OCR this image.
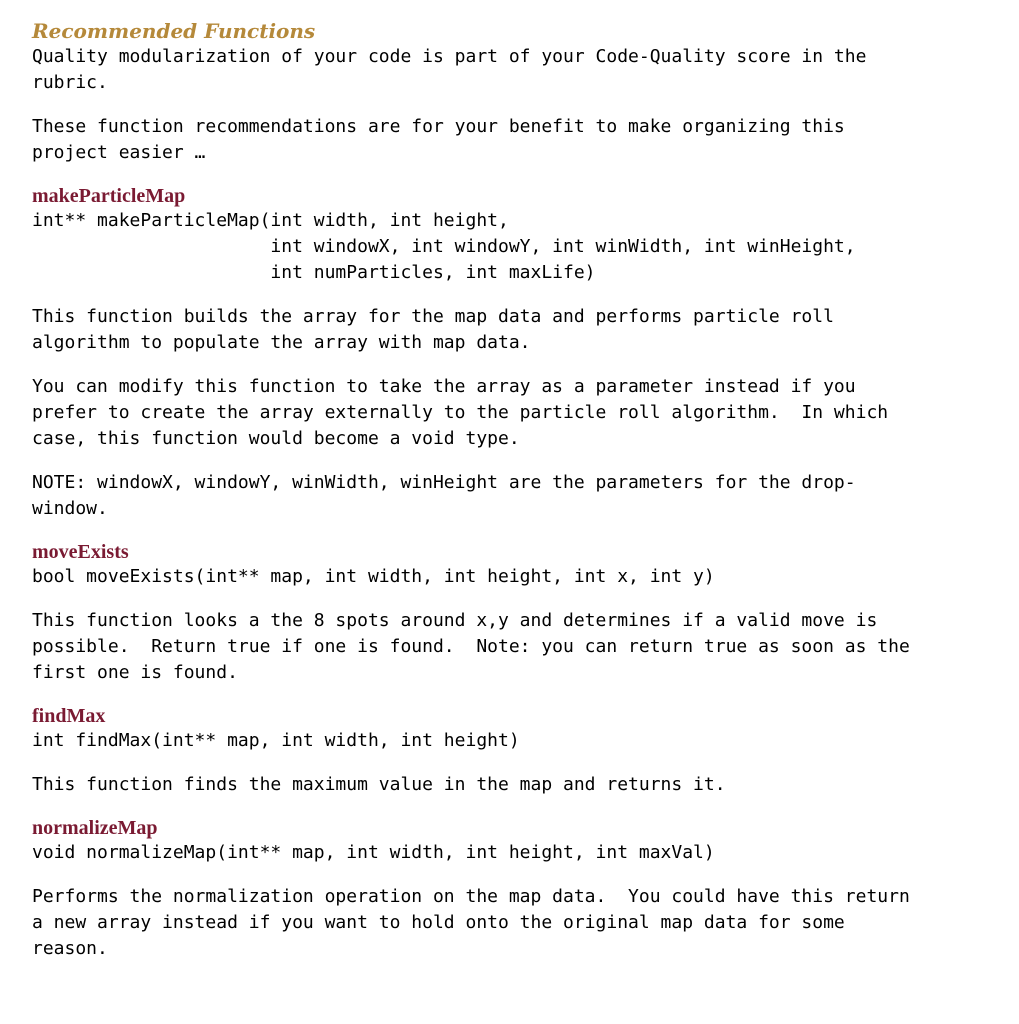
Recommended Functions

Quality modularization of your code is part of your Code-Quality score in the
rubric.

These function recommendations are for your benefit to make organizing this
project easier …

makeParticleMap

int** makeParticleMap(int width, int height,
int windowX, int windowY, int winWidth, int winHeight,
int numParticles, int maxLife)

This function builds the array for the map data and performs particle roll
algorithm to populate the array with map data.

You can modify this function to take the array as a parameter instead if you
prefer to create the array externally to the particle roll algorithm.  In which
case, this function would become a void type.

NOTE: windowX, windowY, winWidth, winHeight are the parameters for the drop-
window.

moveExists

bool moveExists(int** map, int width, int height, int x, int y)

This function looks a the 8 spots around x,y and determines if a valid move is
possible.  Return true if one is found.  Note: you can return true as soon as the
first one is found.

findMax

int findMax(int** map, int width, int height)

This function finds the maximum value in the map and returns it.

normalizeMap

void normalizeMap(int** map, int width, int height, int maxVal)

Performs the normalization operation on the map data.  You could have this return
a new array instead if you want to hold onto the original map data for some
reason.
